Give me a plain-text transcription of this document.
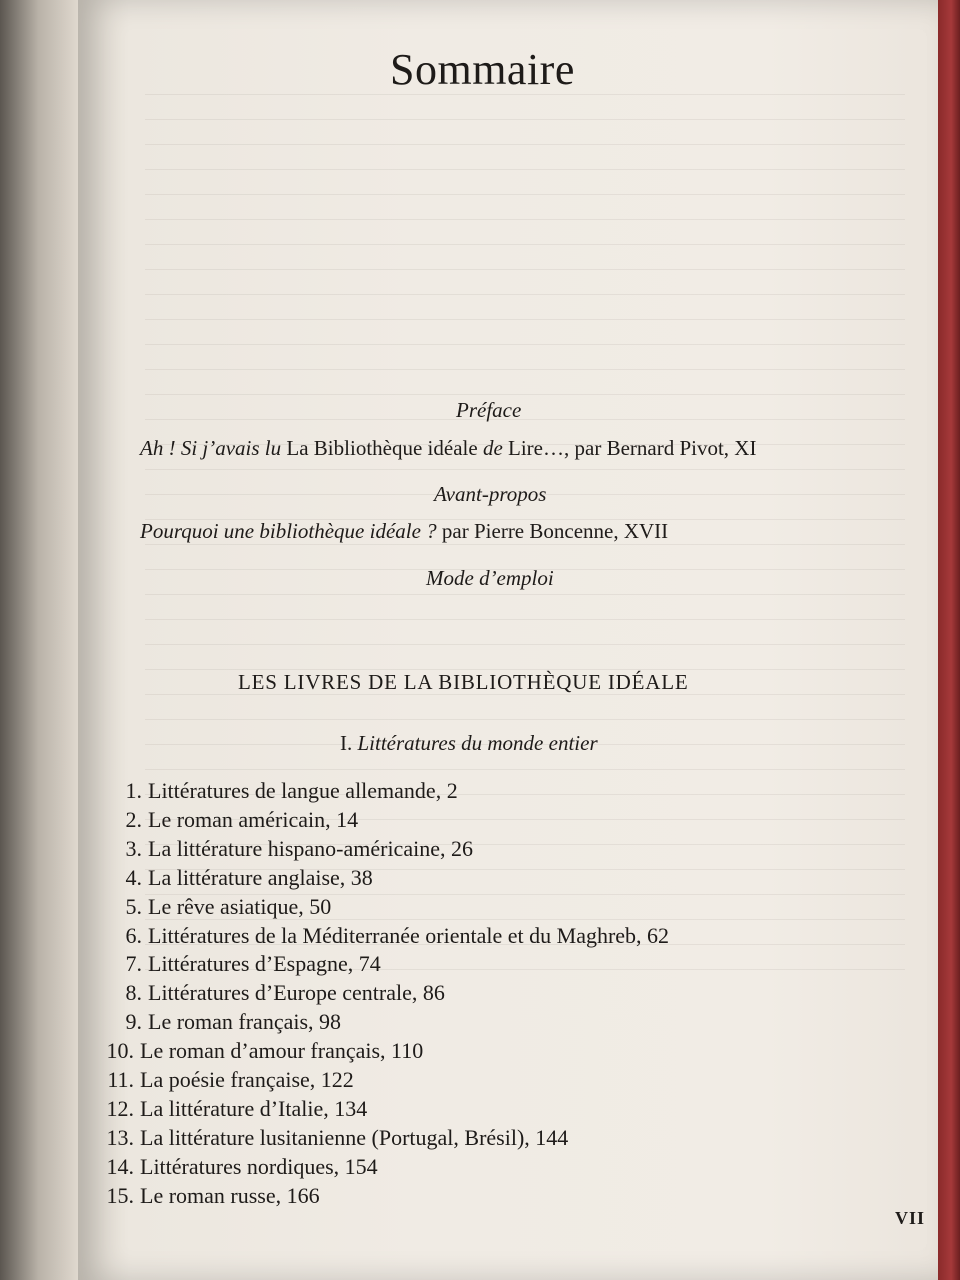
Sommaire
Préface
Ah ! Si j’avais lu La Bibliothèque idéale de Lire…, par Bernard Pivot, XI
Avant-propos
Pourquoi une bibliothèque idéale ? par Pierre Boncenne, XVII
Mode d’emploi
LES LIVRES DE LA BIBLIOTHÈQUE IDÉALE
I. Littératures du monde entier
1. Littératures de langue allemande, 2
2. Le roman américain, 14
3. La littérature hispano-américaine, 26
4. La littérature anglaise, 38
5. Le rêve asiatique, 50
6. Littératures de la Méditerranée orientale et du Maghreb, 62
7. Littératures d’Espagne, 74
8. Littératures d’Europe centrale, 86
9. Le roman français, 98
10. Le roman d’amour français, 110
11. La poésie française, 122
12. La littérature d’Italie, 134
13. La littérature lusitanienne (Portugal, Brésil), 144
14. Littératures nordiques, 154
15. Le roman russe, 166
VII
